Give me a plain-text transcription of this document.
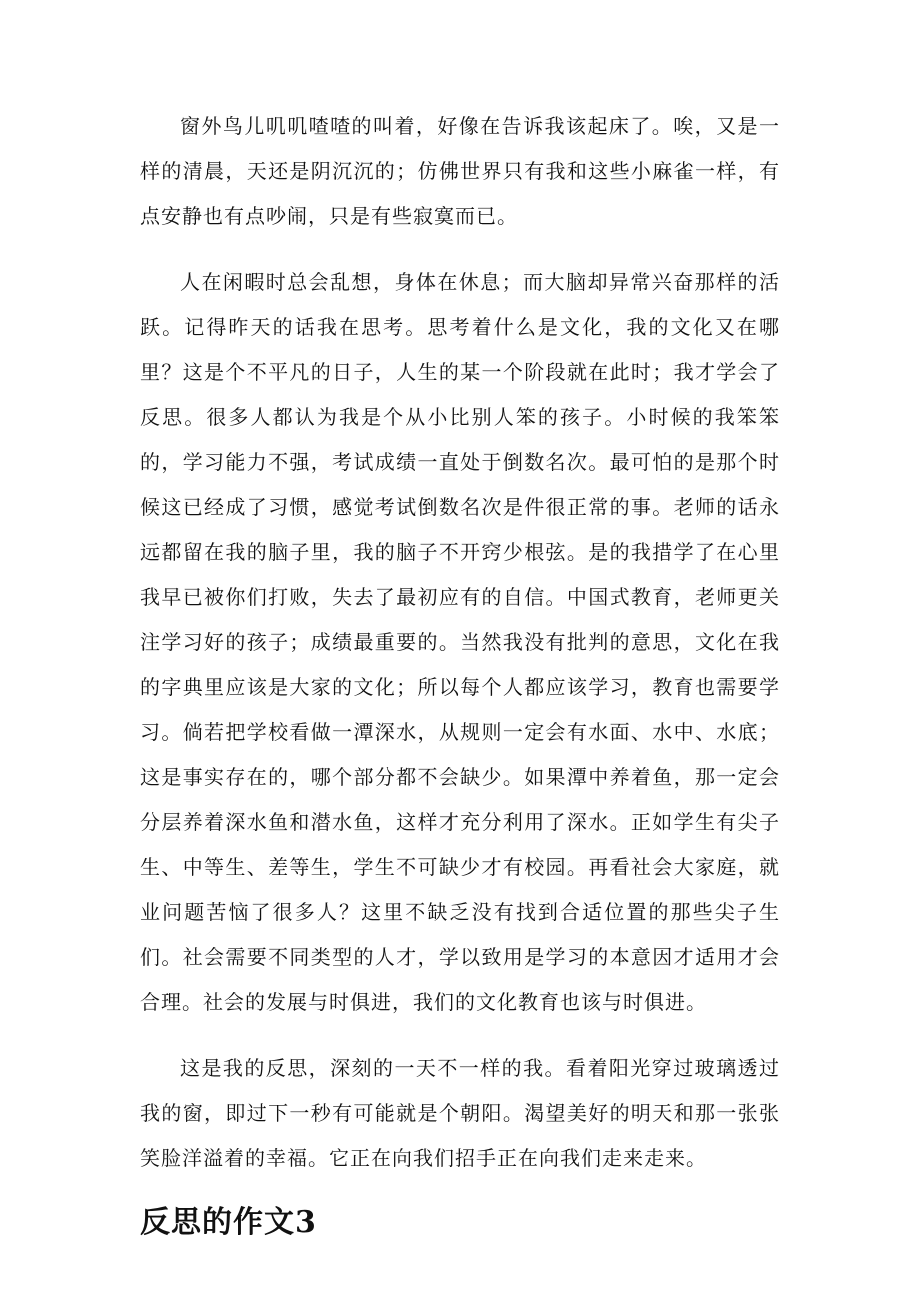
窗外鸟儿叽叽喳喳的叫着，好像在告诉我该起床了。唉，又是一样的清晨，天还是阴沉沉的；仿佛世界只有我和这些小麻雀一样，有点安静也有点吵闹，只是有些寂寞而已。

人在闲暇时总会乱想，身体在休息；而大脑却异常兴奋那样的活跃。记得昨天的话我在思考。思考着什么是文化，我的文化又在哪里？这是个不平凡的日子，人生的某一个阶段就在此时；我才学会了反思。很多人都认为我是个从小比别人笨的孩子。小时候的我笨笨的，学习能力不强，考试成绩一直处于倒数名次。最可怕的是那个时候这已经成了习惯，感觉考试倒数名次是件很正常的事。老师的话永远都留在我的脑子里，我的脑子不开窍少根弦。是的我措学了在心里我早已被你们打败，失去了最初应有的自信。中国式教育，老师更关注学习好的孩子；成绩最重要的。当然我没有批判的意思，文化在我的字典里应该是大家的文化；所以每个人都应该学习，教育也需要学习。倘若把学校看做一潭深水，从规则一定会有水面、水中、水底；这是事实存在的，哪个部分都不会缺少。如果潭中养着鱼，那一定会分层养着深水鱼和潜水鱼，这样才充分利用了深水。正如学生有尖子生、中等生、差等生，学生不可缺少才有校园。再看社会大家庭，就业问题苦恼了很多人？这里不缺乏没有找到合适位置的那些尖子生们。社会需要不同类型的人才，学以致用是学习的本意因才适用才会合理。社会的发展与时俱进，我们的文化教育也该与时俱进。

这是我的反思，深刻的一天不一样的我。看着阳光穿过玻璃透过我的窗，即过下一秒有可能就是个朝阳。渴望美好的明天和那一张张笑脸洋溢着的幸福。它正在向我们招手正在向我们走来走来。

反思的作文3
